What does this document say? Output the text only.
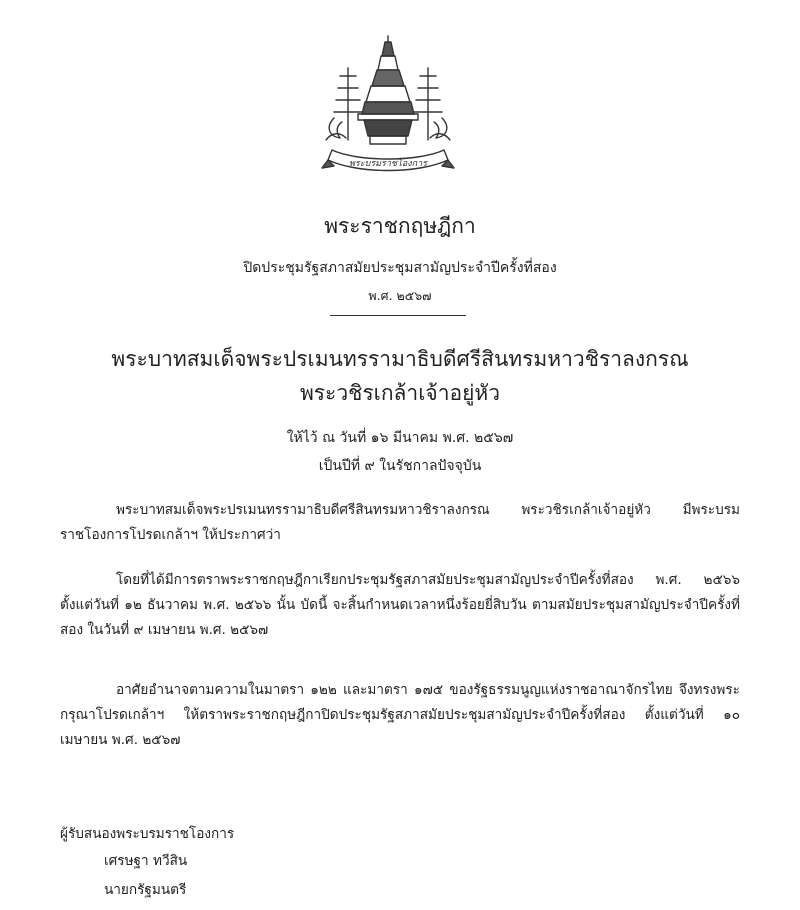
พระบรมราชโองการ
พระราชกฤษฎีกา
ปิดประชุมรัฐสภาสมัยประชุมสามัญประจำปีครั้งที่สอง
พ.ศ. ๒๕๖๗
พระบาทสมเด็จพระปรเมนทรรามาธิบดีศรีสินทรมหาวชิราลงกรณ
พระวชิรเกล้าเจ้าอยู่หัว
ให้ไว้ ณ วันที่ ๑๖ มีนาคม พ.ศ. ๒๕๖๗
เป็นปีที่ ๙ ในรัชกาลปัจจุบัน

พระบาทสมเด็จพระปรเมนทรรามาธิบดีศรีสินทรมหาวชิราลงกรณ พระวชิรเกล้าเจ้าอยู่หัว มีพระบรมราชโองการโปรดเกล้าฯ ให้ประกาศว่า

โดยที่ได้มีการตราพระราชกฤษฎีกาเรียกประชุมรัฐสภาสมัยประชุมสามัญประจำปีครั้งที่สอง พ.ศ. ๒๕๖๖ ตั้งแต่วันที่ ๑๒ ธันวาคม พ.ศ. ๒๕๖๖ นั้น บัดนี้ จะสิ้นกำหนดเวลาหนึ่งร้อยยี่สิบวัน ตามสมัยประชุมสามัญประจำปีครั้งที่สอง ในวันที่ ๙ เมษายน พ.ศ. ๒๕๖๗

อาศัยอำนาจตามความในมาตรา ๑๒๒ และมาตรา ๑๗๕ ของรัฐธรรมนูญแห่งราชอาณาจักรไทย จึงทรงพระกรุณาโปรดเกล้าฯ ให้ตราพระราชกฤษฎีกาปิดประชุมรัฐสภาสมัยประชุมสามัญประจำปีครั้งที่สอง ตั้งแต่วันที่ ๑๐ เมษายน พ.ศ. ๒๕๖๗

ผู้รับสนองพระบรมราชโองการ
เศรษฐา ทวีสิน
นายกรัฐมนตรี
